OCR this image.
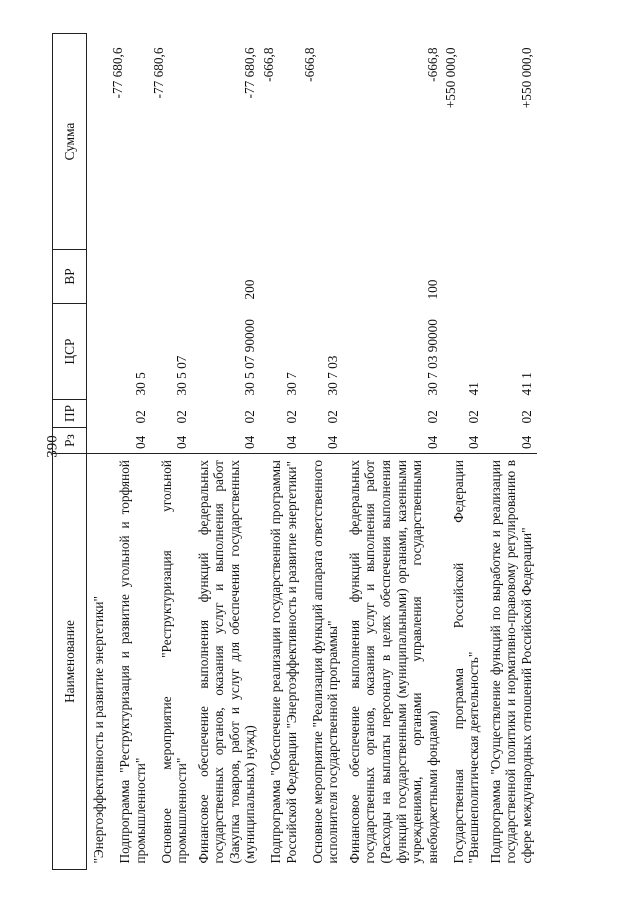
390
Наименование	Рз	ПР	ЦСР	ВР	Сумма
"Энергоэффективность и развитие энергетики"					
Подпрограмма "Реструктуризация и развитие угольной и торфяной промышленности"	04	02	30 5		-77 680,6
Основное мероприятие "Реструктуризация угольной промышленности"	04	02	30 5 07		-77 680,6
Финансовое обеспечение выполнения функций федеральных государственных органов, оказания услуг и выполнения работ (Закупка товаров, работ и услуг для обеспечения государственных (муниципальных) нужд)	04	02	30 5 07 90000	200	-77 680,6
Подпрограмма "Обеспечение реализации государственной программы Российской Федерации "Энергоэффективность и развитие энергетики"	04	02	30 7		-666,8
Основное мероприятие "Реализация функций аппарата ответственного исполнителя государственной программы"	04	02	30 7 03		-666,8
Финансовое обеспечение выполнения функций федеральных государственных органов, оказания услуг и выполнения работ (Расходы на выплаты персоналу в целях обеспечения выполнения функций государственными (муниципальными) органами, казенными учреждениями, органами управления государственными внебюджетными фондами)	04	02	30 7 03 90000	100	-666,8
Государственная программа Российской Федерации "Внешнеполитическая деятельность"	04	02	41		+550 000,0
Подпрограмма "Осуществление функций по выработке и реализации государственной политики и нормативно-правовому регулированию в сфере международных отношений Российской Федерации"	04	02	41 1		+550 000,0
